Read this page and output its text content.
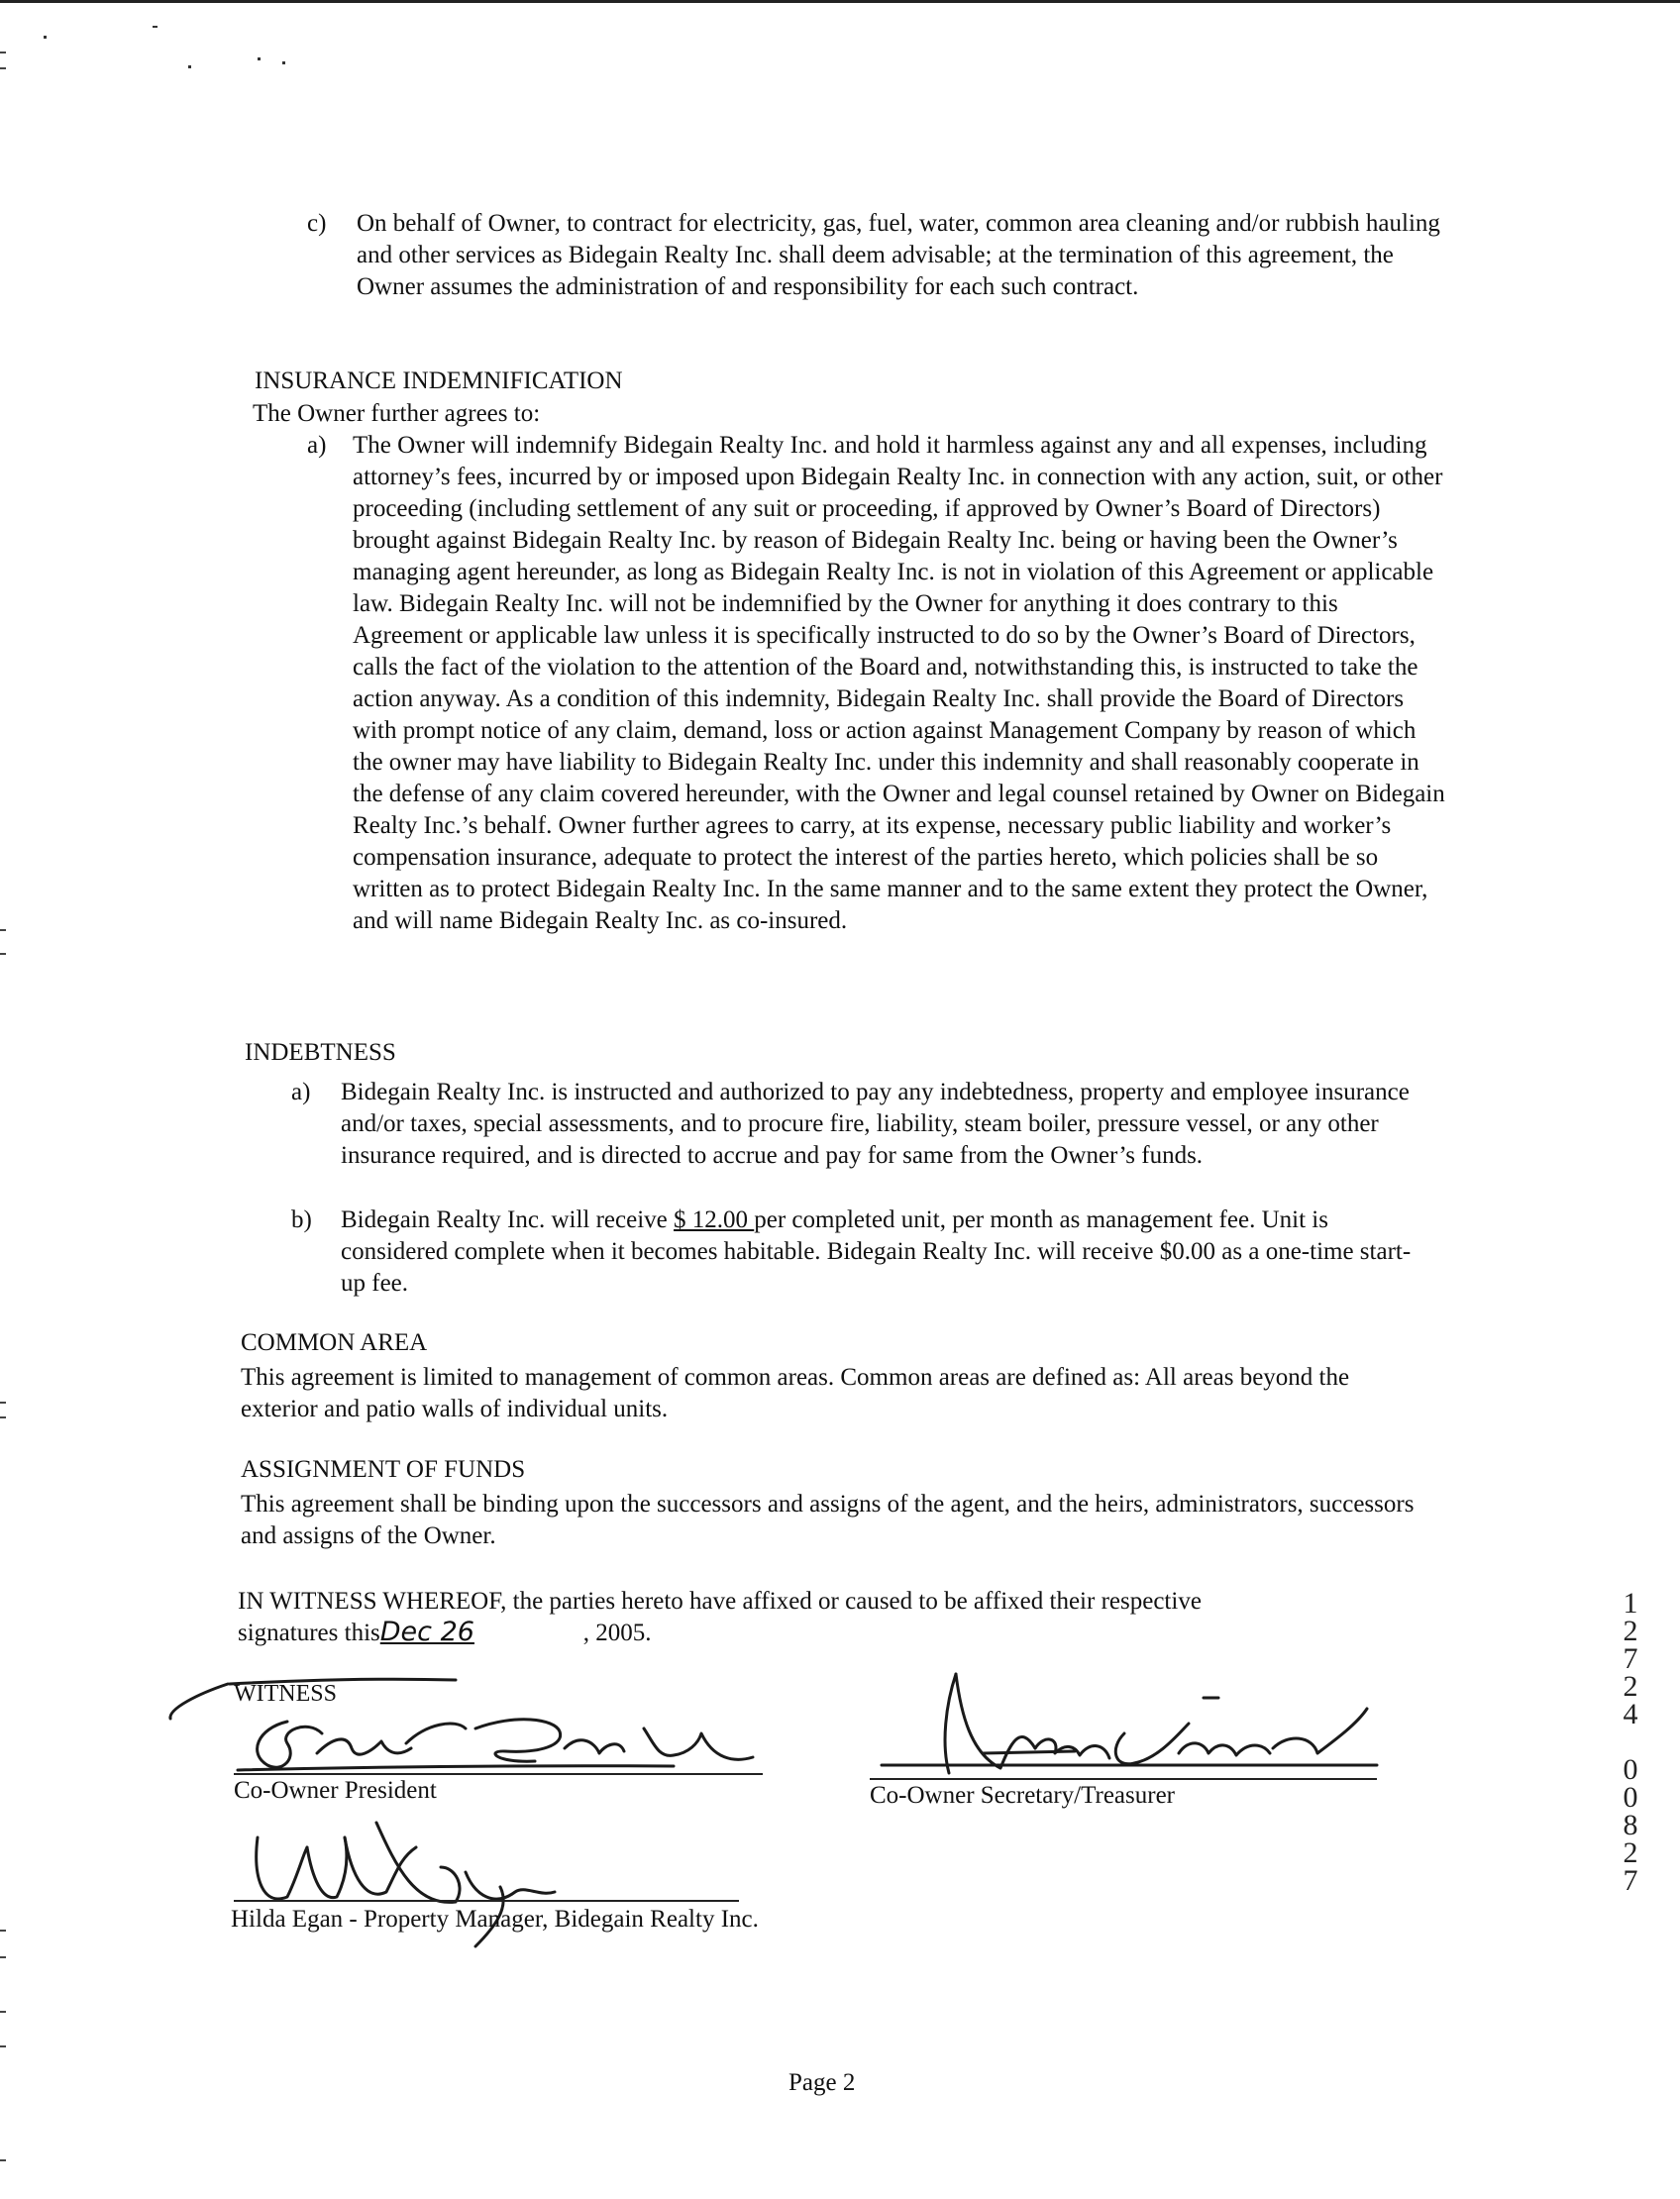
c) On behalf of Owner, to contract for electricity, gas, fuel, water, common area cleaning and/or rubbish hauling and other services as Bidegain Realty Inc. shall deem advisable; at the termination of this agreement, the Owner assumes the administration of and responsibility for each such contract.
INSURANCE INDEMNIFICATION
The Owner further agrees to:
a) The Owner will indemnify Bidegain Realty Inc. and hold it harmless against any and all expenses, including attorney’s fees, incurred by or imposed upon Bidegain Realty Inc. in connection with any action, suit, or other proceeding (including settlement of any suit or proceeding, if approved by Owner’s Board of Directors) brought against Bidegain Realty Inc. by reason of Bidegain Realty Inc. being or having been the Owner’s managing agent hereunder, as long as Bidegain Realty Inc. is not in violation of this Agreement or applicable law. Bidegain Realty Inc. will not be indemnified by the Owner for anything it does contrary to this Agreement or applicable law unless it is specifically instructed to do so by the Owner’s Board of Directors, calls the fact of the violation to the attention of the Board and, notwithstanding this, is instructed to take the action anyway. As a condition of this indemnity, Bidegain Realty Inc. shall provide the Board of Directors with prompt notice of any claim, demand, loss or action against Management Company by reason of which the owner may have liability to Bidegain Realty Inc. under this indemnity and shall reasonably cooperate in the defense of any claim covered hereunder, with the Owner and legal counsel retained by Owner on Bidegain Realty Inc.’s behalf. Owner further agrees to carry, at its expense, necessary public liability and worker’s compensation insurance, adequate to protect the interest of the parties hereto, which policies shall be so written as to protect Bidegain Realty Inc. In the same manner and to the same extent they protect the Owner, and will name Bidegain Realty Inc. as co-insured.
INDEBTNESS
a) Bidegain Realty Inc. is instructed and authorized to pay any indebtedness, property and employee insurance and/or taxes, special assessments, and to procure fire, liability, steam boiler, pressure vessel, or any other insurance required, and is directed to accrue and pay for same from the Owner’s funds.
b) Bidegain Realty Inc. will receive $ 12.00 per completed unit, per month as management fee. Unit is considered complete when it becomes habitable. Bidegain Realty Inc. will receive $0.00 as a one-time start-up fee.
COMMON AREA
This agreement is limited to management of common areas. Common areas are defined as: All areas beyond the exterior and patio walls of individual units.
ASSIGNMENT OF FUNDS
This agreement shall be binding upon the successors and assigns of the agent, and the heirs, administrators, successors and assigns of the Owner.
IN WITNESS WHEREOF, the parties hereto have affixed or caused to be affixed their respective
signatures thisDec 26	, 2005.
WITNESS
Co-Owner President	Co-Owner Secretary/Treasurer
Hilda Egan - Property Manager, Bidegain Realty Inc.
1
2
7
2
4
0
0
8
2
7
Page 2
